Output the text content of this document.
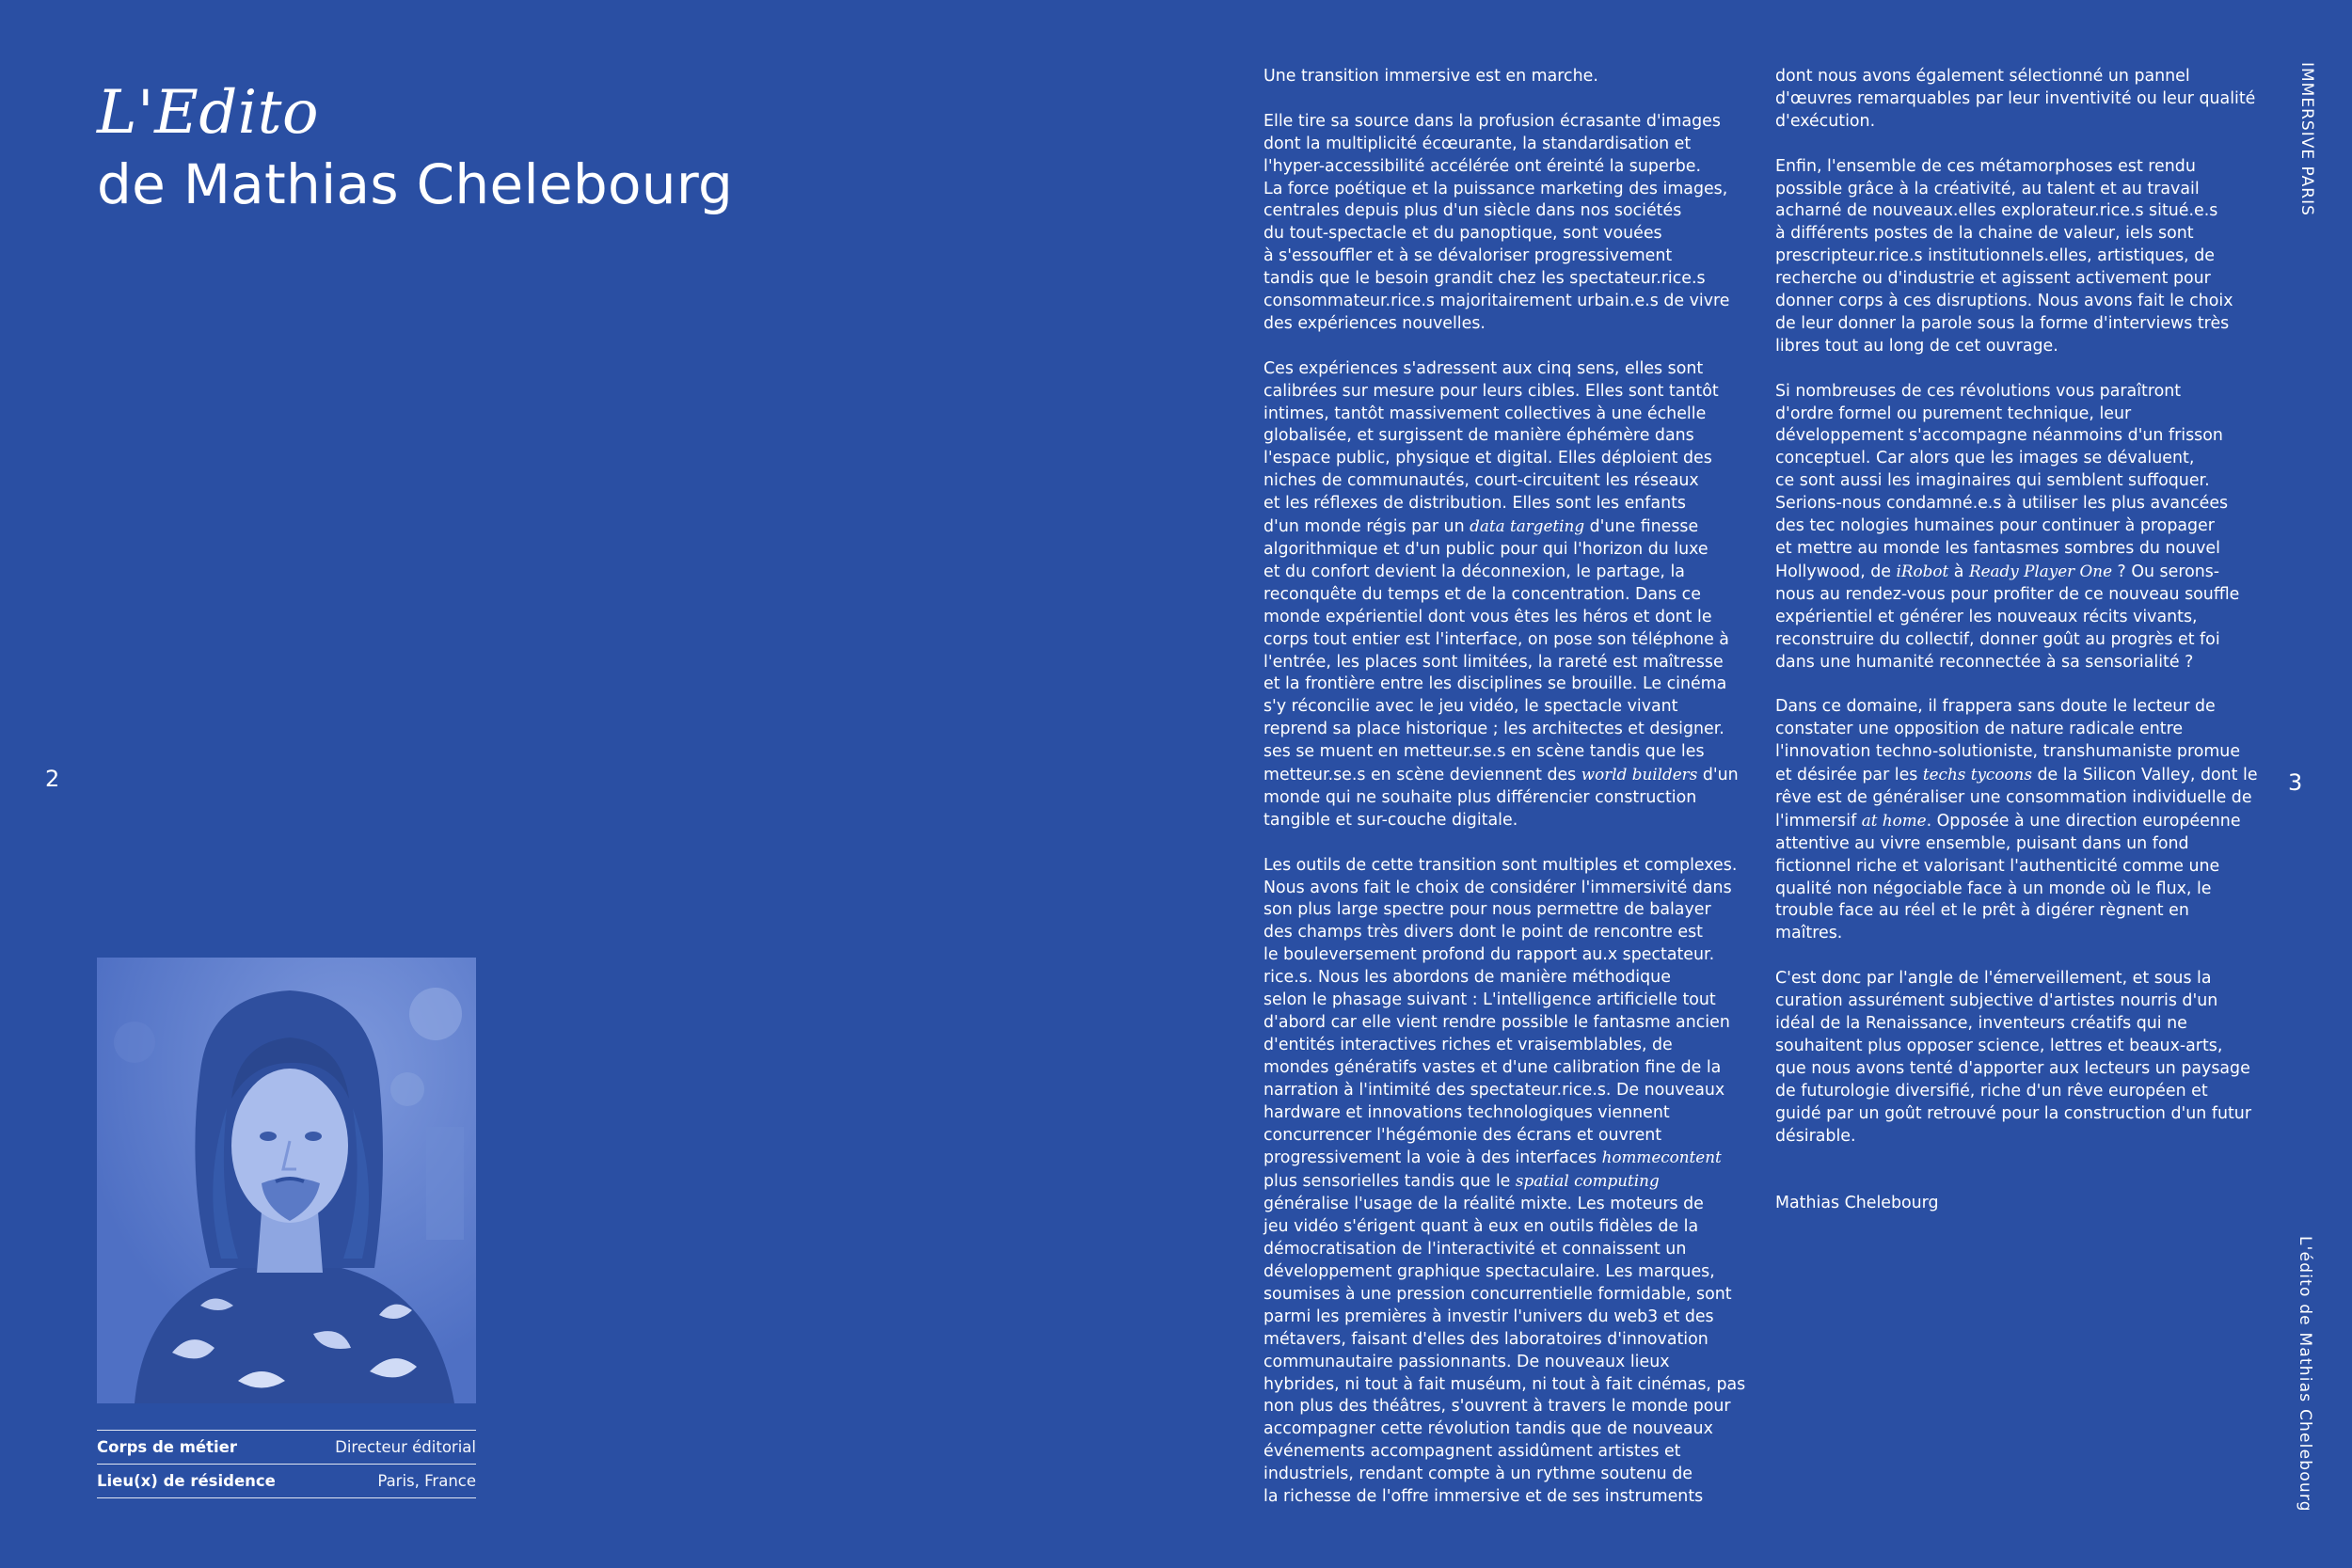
L'Edito
de Mathias Chelebourg
2	3
Corps de métier	Directeur éditorial
Lieu(x) de résidence	Paris, France

Une transition immersive est en marche.

Elle tire sa source dans la profusion écrasante d'images
dont la multiplicité écœurante, la standardisation et
l'hyper-accessibilité accélérée ont éreinté la superbe.
La force poétique et la puissance marketing des images,
centrales depuis plus d'un siècle dans nos sociétés
du tout-spectacle et du panoptique, sont vouées
à s'essouffler et à se dévaloriser progressivement
tandis que le besoin grandit chez les spectateur.rice.s
consommateur.rice.s majoritairement urbain.e.s de vivre
des expériences nouvelles.

Ces expériences s'adressent aux cinq sens, elles sont
calibrées sur mesure pour leurs cibles. Elles sont tantôt
intimes, tantôt massivement collectives à une échelle
globalisée, et surgissent de manière éphémère dans
l'espace public, physique et digital. Elles déploient des
niches de communautés, court-circuitent les réseaux
et les réflexes de distribution. Elles sont les enfants
d'un monde régis par un data targeting d'une finesse
algorithmique et d'un public pour qui l'horizon du luxe
et du confort devient la déconnexion, le partage, la
reconquête du temps et de la concentration. Dans ce
monde expérientiel dont vous êtes les héros et dont le
corps tout entier est l'interface, on pose son téléphone à
l'entrée, les places sont limitées, la rareté est maîtresse
et la frontière entre les disciplines se brouille. Le cinéma
s'y réconcilie avec le jeu vidéo, le spectacle vivant
reprend sa place historique ; les architectes et designer.
ses se muent en metteur.se.s en scène tandis que les
metteur.se.s en scène deviennent des world builders d'un
monde qui ne souhaite plus différencier construction
tangible et sur-couche digitale.

Les outils de cette transition sont multiples et complexes.
Nous avons fait le choix de considérer l'immersivité dans
son plus large spectre pour nous permettre de balayer
des champs très divers dont le point de rencontre est
le bouleversement profond du rapport au.x spectateur.
rice.s. Nous les abordons de manière méthodique
selon le phasage suivant : L'intelligence artificielle tout
d'abord car elle vient rendre possible le fantasme ancien
d'entités interactives riches et vraisemblables, de
mondes génératifs vastes et d'une calibration fine de la
narration à l'intimité des spectateur.rice.s. De nouveaux
hardware et innovations technologiques viennent
concurrencer l'hégémonie des écrans et ouvrent
progressivement la voie à des interfaces hommecontent
plus sensorielles tandis que le spatial computing
généralise l'usage de la réalité mixte. Les moteurs de
jeu vidéo s'érigent quant à eux en outils fidèles de la
démocratisation de l'interactivité et connaissent un
développement graphique spectaculaire. Les marques,
soumises à une pression concurrentielle formidable, sont
parmi les premières à investir l'univers du web3 et des
métavers, faisant d'elles des laboratoires d'innovation
communautaire passionnants. De nouveaux lieux
hybrides, ni tout à fait muséum, ni tout à fait cinémas, pas
non plus des théâtres, s'ouvrent à travers le monde pour
accompagner cette révolution tandis que de nouveaux
événements accompagnent assidûment artistes et
industriels, rendant compte à un rythme soutenu de
la richesse de l'offre immersive et de ses instruments

dont nous avons également sélectionné un pannel
d'œuvres remarquables par leur inventivité ou leur qualité
d'exécution.

Enfin, l'ensemble de ces métamorphoses est rendu
possible grâce à la créativité, au talent et au travail
acharné de nouveaux.elles explorateur.rice.s situé.e.s
à différents postes de la chaine de valeur, iels sont
prescripteur.rice.s institutionnels.elles, artistiques, de
recherche ou d'industrie et agissent activement pour
donner corps à ces disruptions. Nous avons fait le choix
de leur donner la parole sous la forme d'interviews très
libres tout au long de cet ouvrage.

Si nombreuses de ces révolutions vous paraîtront
d'ordre formel ou purement technique, leur
développement s'accompagne néanmoins d'un frisson
conceptuel. Car alors que les images se dévaluent,
ce sont aussi les imaginaires qui semblent suffoquer.
Serions-nous condamné.e.s à utiliser les plus avancées
des tec nologies humaines pour continuer à propager
et mettre au monde les fantasmes sombres du nouvel
Hollywood, de iRobot à Ready Player One ? Ou serons-
nous au rendez-vous pour profiter de ce nouveau souffle
expérientiel et générer les nouveaux récits vivants,
reconstruire du collectif, donner goût au progrès et foi
dans une humanité reconnectée à sa sensorialité ?

Dans ce domaine, il frappera sans doute le lecteur de
constater une opposition de nature radicale entre
l'innovation techno-solutioniste, transhumaniste promue
et désirée par les techs tycoons de la Silicon Valley, dont le
rêve est de généraliser une consommation individuelle de
l'immersif at home. Opposée à une direction européenne
attentive au vivre ensemble, puisant dans un fond
fictionnel riche et valorisant l'authenticité comme une
qualité non négociable face à un monde où le flux, le
trouble face au réel et le prêt à digérer règnent en
maîtres.

C'est donc par l'angle de l'émerveillement, et sous la
curation assurément subjective d'artistes nourris d'un
idéal de la Renaissance, inventeurs créatifs qui ne
souhaitent plus opposer science, lettres et beaux-arts,
que nous avons tenté d'apporter aux lecteurs un paysage
de futurologie diversifié, riche d'un rêve européen et
guidé par un goût retrouvé pour la construction d'un futur
désirable.

Mathias Chelebourg

IMMERSIVE PARIS
L'édito de Mathias Chelebourg
